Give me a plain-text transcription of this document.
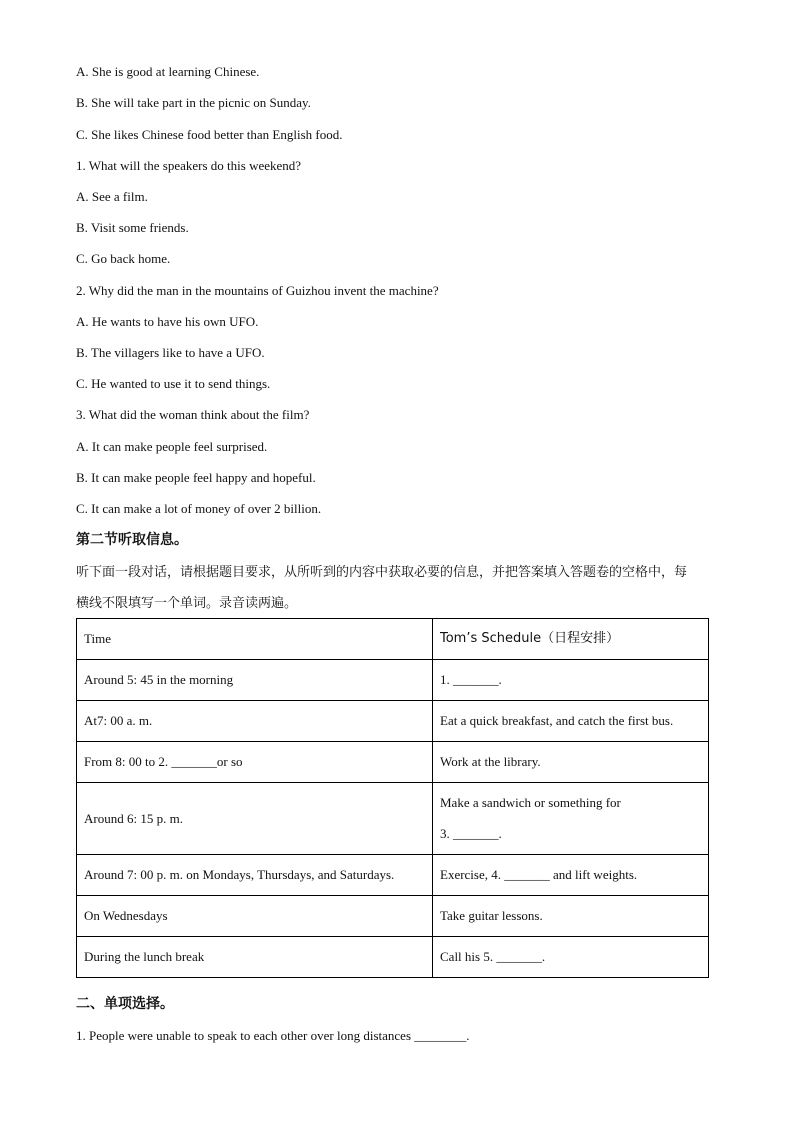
A. She is good at learning Chinese.
B. She will take part in the picnic on Sunday.
C. She likes Chinese food better than English food.
1. What will the speakers do this weekend?
A. See a film.
B. Visit some friends.
C. Go back home.
2. Why did the man in the mountains of Guizhou invent the machine?
A. He wants to have his own UFO.
B. The villagers like to have a UFO.
C. He wanted to use it to send things.
3. What did the woman think about the film?
A. It can make people feel surprised.
B. It can make people feel happy and hopeful.
C. It can make a lot of money of over 2 billion.
第二节听取信息。
听下面一段对话，请根据题目要求，从所听到的内容中获取必要的信息，并把答案填入答题卷的空格中，每
横线不限填写一个单词。录音读两遍。
Time	Tom’s Schedule（日程安排）
Around 5: 45 in the morning	1. _______.
At7: 00 a. m.	Eat a quick breakfast, and catch the first bus.
From 8: 00 to 2. _______or so	Work at the library.
Around 6: 15 p. m.	Make a sandwich or something for
3. _______.

Around 7: 00 p. m. on Mondays, Thursdays, and Saturdays.	Exercise, 4. _______ and lift weights.
On Wednesdays	Take guitar lessons.
During the lunch break	Call his 5. _______.
二、单项选择。
1. People were unable to speak to each other over long distances ________.
